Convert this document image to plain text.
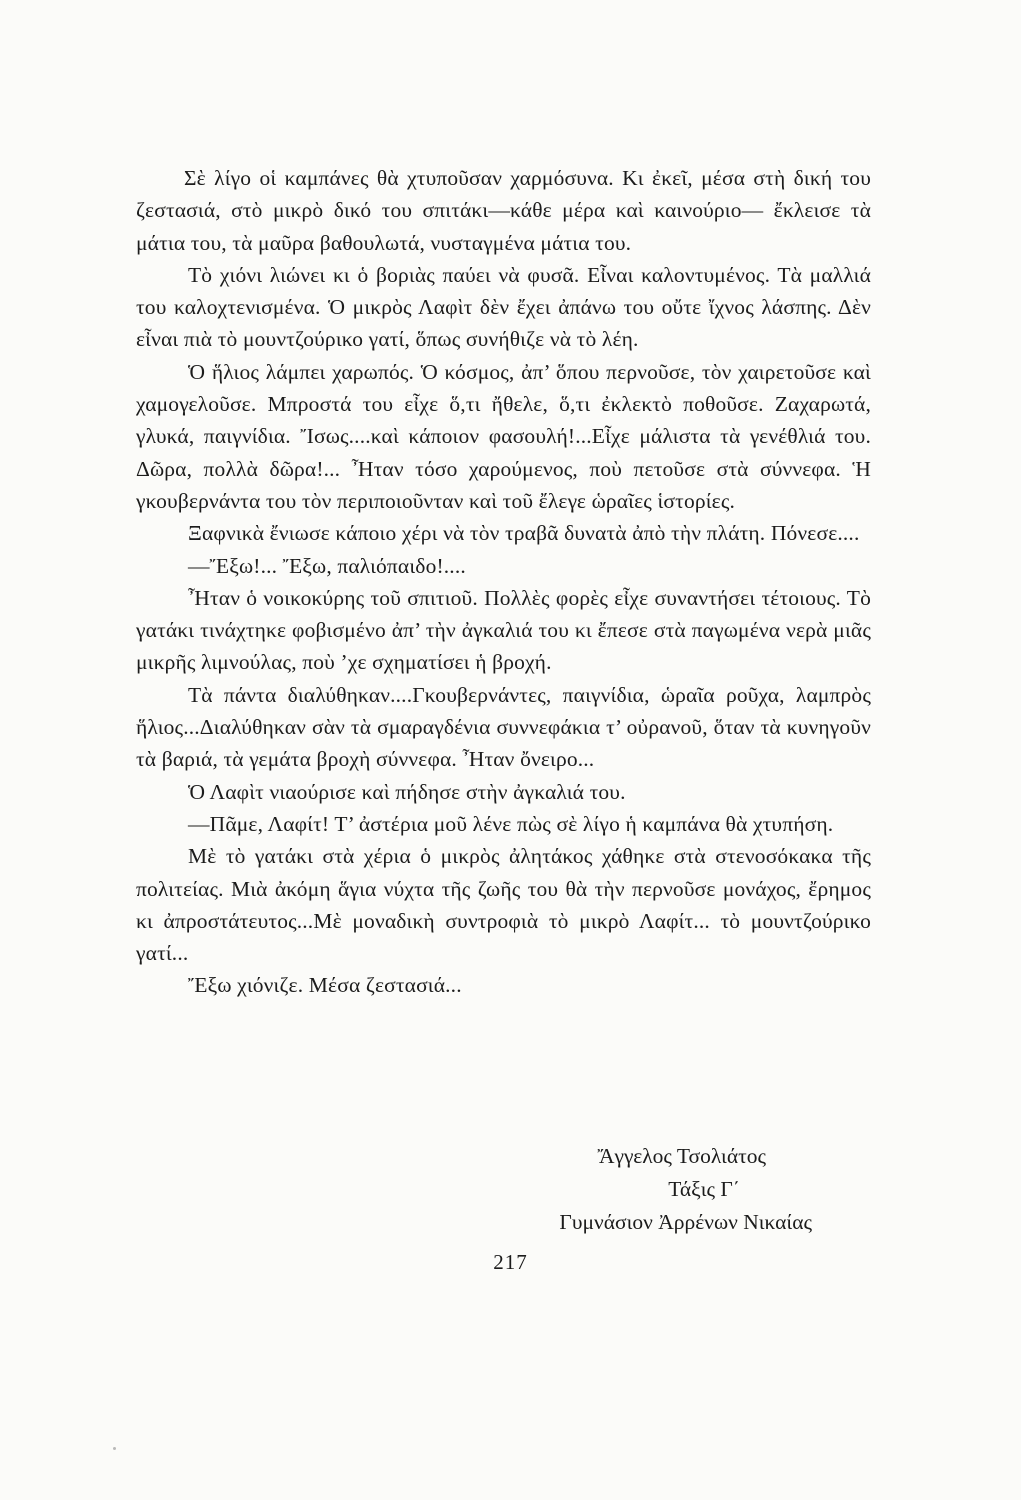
Σὲ λίγο οἱ καμπάνες θὰ χτυποῦσαν χαρμόσυνα. Κι ἐκεῖ, μέσα στὴ δική του ζεστασιά, στὸ μικρὸ δικό του σπιτάκι—κάθε μέρα καὶ καινούριο— ἔκλεισε τὰ μάτια του, τὰ μαῦρα βαθουλωτά, νυσταγμένα μάτια του.

Τὸ χιόνι λιώνει κι ὁ βοριὰς παύει νὰ φυσᾶ. Εἶναι καλοντυμένος. Τὰ μαλλιά του καλοχτενισμένα. Ὁ μικρὸς Λαφὶτ δὲν ἔχει ἀπάνω του οὔτε ἴχνος λάσπης. Δὲν εἶναι πιὰ τὸ μουντζούρικο γατί, ὅπως συνήθιζε νὰ τὸ λέη.

Ὁ ἥλιος λάμπει χαρωπός. Ὁ κόσμος, ἀπ’ ὅπου περνοῦσε, τὸν χαιρετοῦσε καὶ χαμογελοῦσε. Μπροστά του εἶχε ὅ,τι ἤθελε, ὅ,τι ἐκλεκτὸ ποθοῦσε. Ζαχαρωτά, γλυκά, παιγνίδια. Ἴσως....καὶ κάποιον φασουλή!...Εἶχε μάλιστα τὰ γενέθλιά του. Δῶρα, πολλὰ δῶρα!... Ἦταν τόσο χαρούμενος, ποὺ πετοῦσε στὰ σύννεφα. Ἡ γκουβερνάντα του τὸν περιποιοῦνταν καὶ τοῦ ἔλεγε ὡραῖες ἱστορίες.

Ξαφνικὰ ἔνιωσε κάποιο χέρι νὰ τὸν τραβᾶ δυνατὰ ἀπὸ τὴν πλάτη. Πόνεσε....

—Ἔξω!... Ἔξω, παλιόπαιδο!....

Ἦταν ὁ νοικοκύρης τοῦ σπιτιοῦ. Πολλὲς φορὲς εἶχε συναντήσει τέτοιους. Τὸ γατάκι τινάχτηκε φοβισμένο ἀπ’ τὴν ἀγκαλιά του κι ἔπεσε στὰ παγωμένα νερὰ μιᾶς μικρῆς λιμνούλας, ποὺ ’χε σχηματίσει ἡ βροχή.

Τὰ πάντα διαλύθηκαν....Γκουβερνάντες, παιγνίδια, ὡραῖα ροῦχα, λαμπρὸς ἥλιος...Διαλύθηκαν σὰν τὰ σμαραγδένια συννεφάκια τ’ οὐρανοῦ, ὅταν τὰ κυνηγοῦν τὰ βαριά, τὰ γεμάτα βροχὴ σύννεφα. Ἦταν ὄνειρο...

Ὁ Λαφὶτ νιαούρισε καὶ πήδησε στὴν ἀγκαλιά του.

—Πᾶμε, Λαφίτ! Τ’ ἀστέρια μοῦ λένε πὼς σὲ λίγο ἡ καμπάνα θὰ χτυπήση.

Μὲ τὸ γατάκι στὰ χέρια ὁ μικρὸς ἀλητάκος χάθηκε στὰ στενοσόκακα τῆς πολιτείας. Μιὰ ἀκόμη ἅγια νύχτα τῆς ζωῆς του θὰ τὴν περνοῦσε μονάχος, ἔρημος κι ἀπροστάτευτος...Μὲ μοναδικὴ συντροφιὰ τὸ μικρὸ Λαφίτ... τὸ μουντζούρικο γατί...

Ἔξω χιόνιζε. Μέσα ζεστασιά...

Ἄγγελος Τσολιάτος
Τάξις Γ΄
Γυμνάσιον Ἀρρένων Νικαίας
217
